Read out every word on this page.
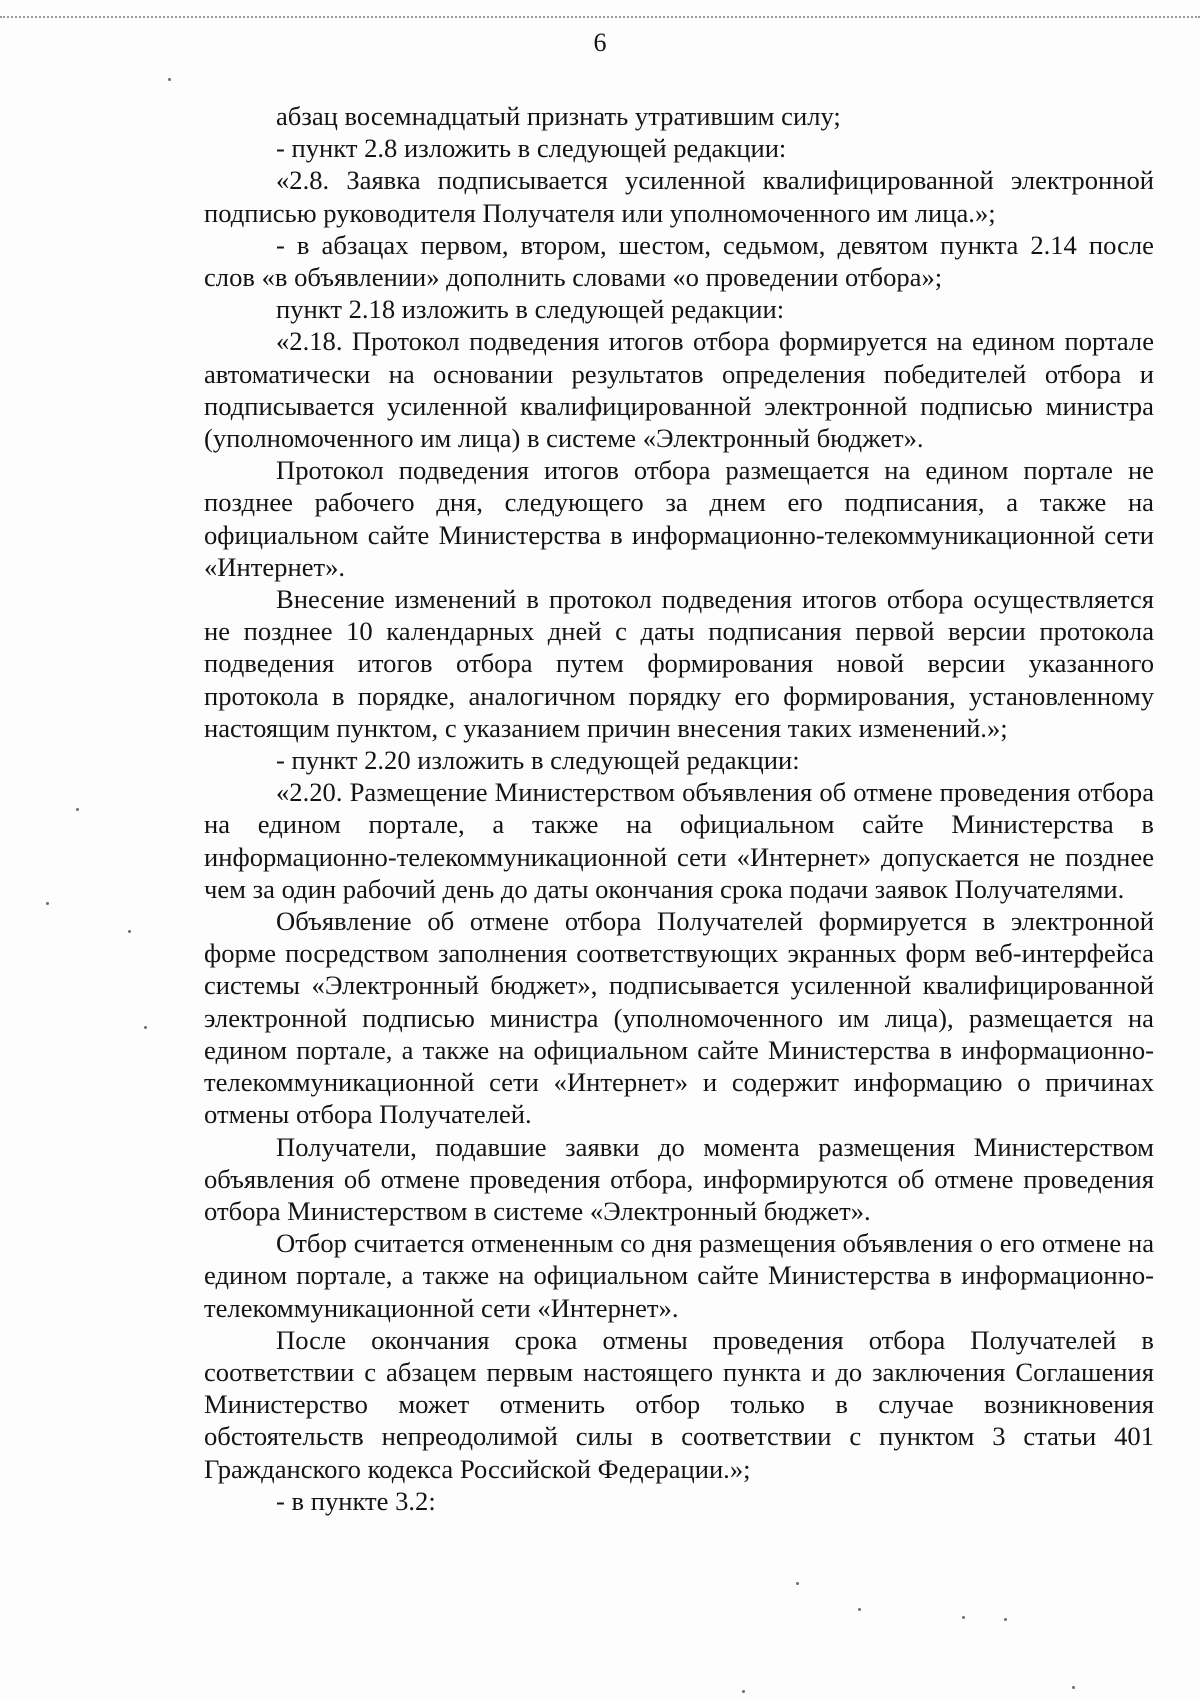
6

абзац восемнадцатый признать утратившим силу;

- пункт 2.8 изложить в следующей редакции:

«2.8. Заявка подписывается усиленной квалифицированной электронной подписью руководителя Получателя или уполномоченного им лица.»;

- в абзацах первом, втором, шестом, седьмом, девятом пункта 2.14 после слов «в объявлении» дополнить словами «о проведении отбора»;

пункт 2.18 изложить в следующей редакции:

«2.18. Протокол подведения итогов отбора формируется на едином портале автоматически на основании результатов определения победителей отбора и подписывается усиленной квалифицированной электронной подписью министра (уполномоченного им лица) в системе «Электронный бюджет».

Протокол подведения итогов отбора размещается на едином портале не позднее рабочего дня, следующего за днем его подписания, а также на официальном сайте Министерства в информационно-телекоммуникационной сети «Интернет».

Внесение изменений в протокол подведения итогов отбора осуществляется не позднее 10 календарных дней с даты подписания первой версии протокола подведения итогов отбора путем формирования новой версии указанного протокола в порядке, аналогичном порядку его формирования, установленному настоящим пунктом, с указанием причин внесения таких изменений.»;

- пункт 2.20 изложить в следующей редакции:

«2.20. Размещение Министерством объявления об отмене проведения отбора на едином портале, а также на официальном сайте Министерства в информационно-телекоммуникационной сети «Интернет» допускается не позднее чем за один рабочий день до даты окончания срока подачи заявок Получателями.

Объявление об отмене отбора Получателей формируется в электронной форме посредством заполнения соответствующих экранных форм веб-интерфейса системы «Электронный бюджет», подписывается усиленной квалифицированной электронной подписью министра (уполномоченного им лица), размещается на едином портале, а также на официальном сайте Министерства в информационно-телекоммуникационной сети «Интернет» и содержит информацию о причинах отмены отбора Получателей.

Получатели, подавшие заявки до момента размещения Министерством объявления об отмене проведения отбора, информируются об отмене проведения отбора Министерством в системе «Электронный бюджет».

Отбор считается отмененным со дня размещения объявления о его отмене на едином портале, а также на официальном сайте Министерства в информационно-телекоммуникационной сети «Интернет».

После окончания срока отмены проведения отбора Получателей в соответствии с абзацем первым настоящего пункта и до заключения Соглашения Министерство может отменить отбор только в случае возникновения обстоятельств непреодолимой силы в соответствии с пунктом 3 статьи 401 Гражданского кодекса Российской Федерации.»;

- в пункте 3.2:
